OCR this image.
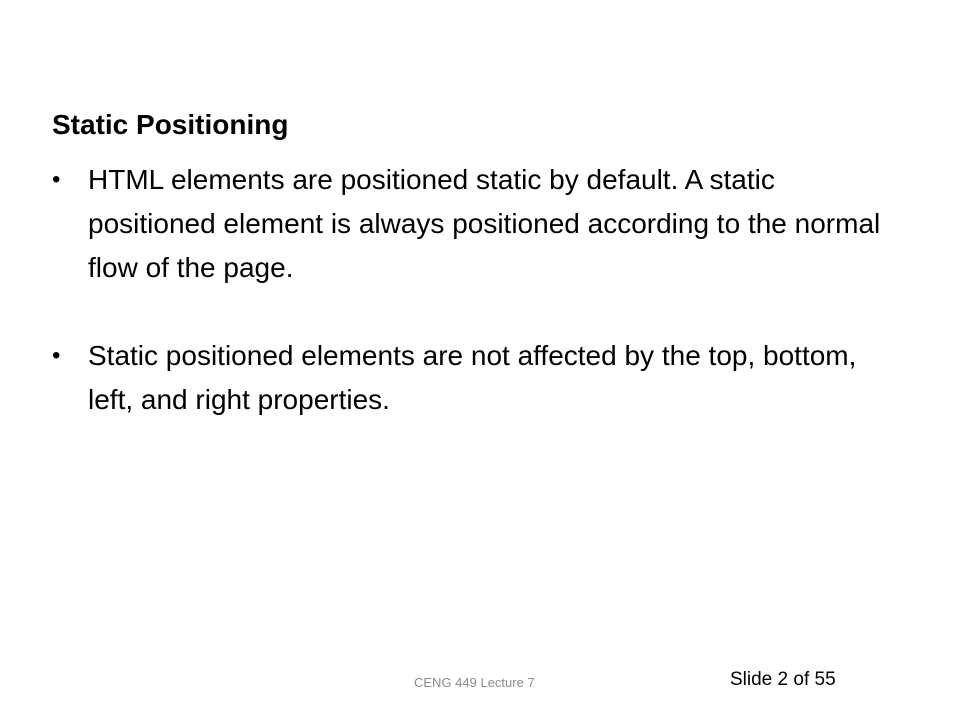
Static Positioning
• HTML elements are positioned static by default. A static positioned element is always positioned according to the normal flow of the page.
• Static positioned elements are not affected by the top, bottom, left, and right properties.
CENG 449 Lecture 7	Slide 2 of 55
